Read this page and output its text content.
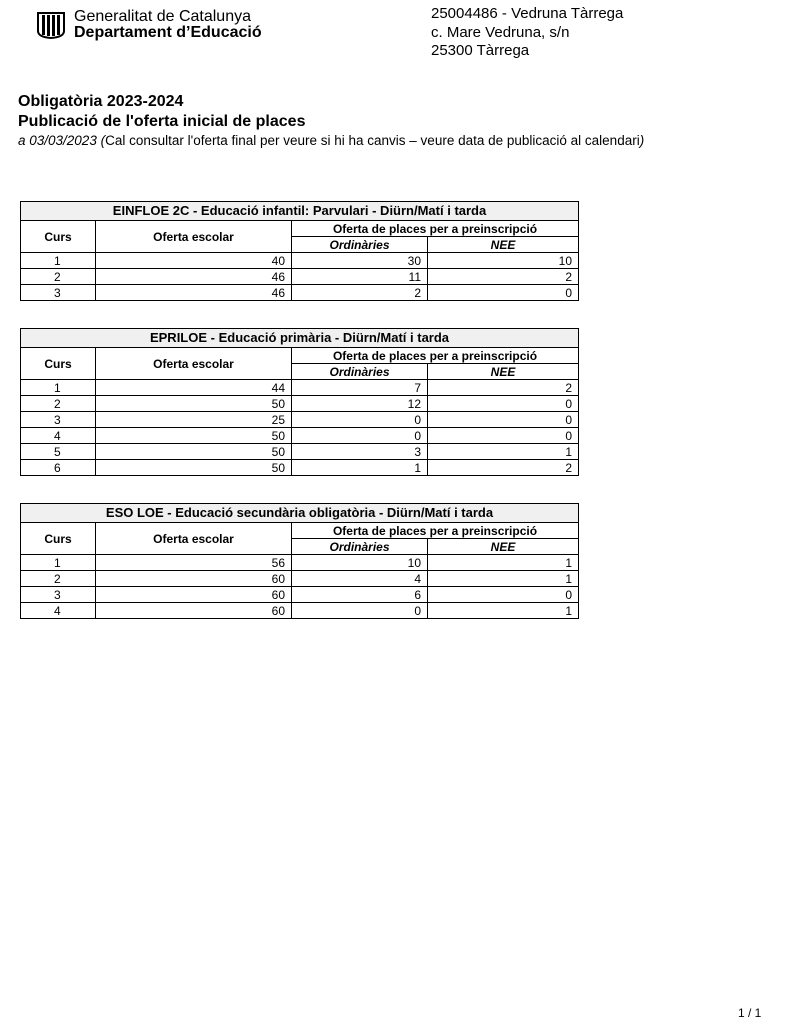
Generalitat de Catalunya
Departament d’Educació
25004486 - Vedruna Tàrrega
c. Mare Vedruna, s/n
25300 Tàrrega
Obligatòria 2023-2024
Publicació de l'oferta inicial de places
a 03/03/2023 (Cal consultar l'oferta final per veure si hi ha canvis – veure data de publicació al calendari)
EINFLOE 2C - Educació infantil: Parvulari - Diürn/Matí i tarda			
Curs	Oferta escolar	Oferta de places per a preinscripció	
		Ordinàries	NEE
1	40	30	10
2	46	11	2
3	46	2	0
EPRILOE - Educació primària - Diürn/Matí i tarda			
Curs	Oferta escolar	Oferta de places per a preinscripció	
		Ordinàries	NEE
1	44	7	2
2	50	12	0
3	25	0	0
4	50	0	0
5	50	3	1
6	50	1	2
ESO LOE - Educació secundària obligatòria - Diürn/Matí i tarda			
Curs	Oferta escolar	Oferta de places per a preinscripció	
		Ordinàries	NEE
1	56	10	1
2	60	4	1
3	60	6	0
4	60	0	1
1 / 1
